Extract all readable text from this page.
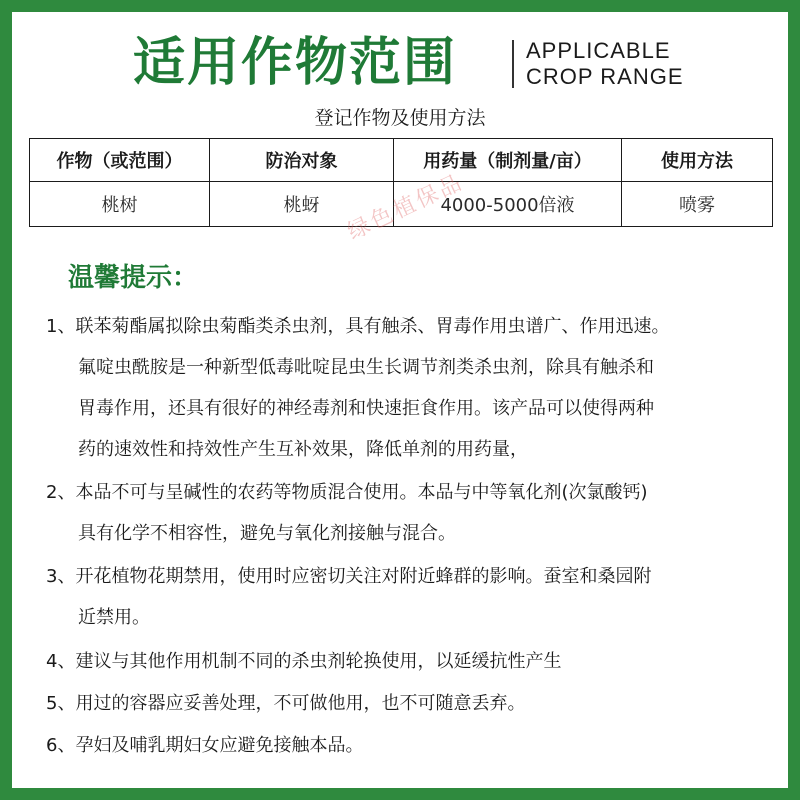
适用作物范围	APPLICABLE
CROP RANGE
登记作物及使用方法
作物（或范围）	防治对象	用药量（制剂量/亩）	使用方法
桃树	桃蚜	4000-5000倍液	喷雾
绿色植保品
温馨提示：
1、联苯菊酯属拟除虫菊酯类杀虫剂，具有触杀、胃毒作用虫谱广、作用迅速。
氟啶虫酰胺是一种新型低毒吡啶昆虫生长调节剂类杀虫剂，除具有触杀和
胃毒作用，还具有很好的神经毒剂和快速拒食作用。该产品可以使得两种
药的速效性和持效性产生互补效果，降低单剂的用药量，
2、本品不可与呈碱性的农药等物质混合使用。本品与中等氧化剂(次氯酸钙)
具有化学不相容性，避免与氧化剂接触与混合。
3、开花植物花期禁用，使用时应密切关注对附近蜂群的影响。蚕室和桑园附
近禁用。
4、建议与其他作用机制不同的杀虫剂轮换使用，以延缓抗性产生
5、用过的容器应妥善处理，不可做他用，也不可随意丢弃。
6、孕妇及哺乳期妇女应避免接触本品。
